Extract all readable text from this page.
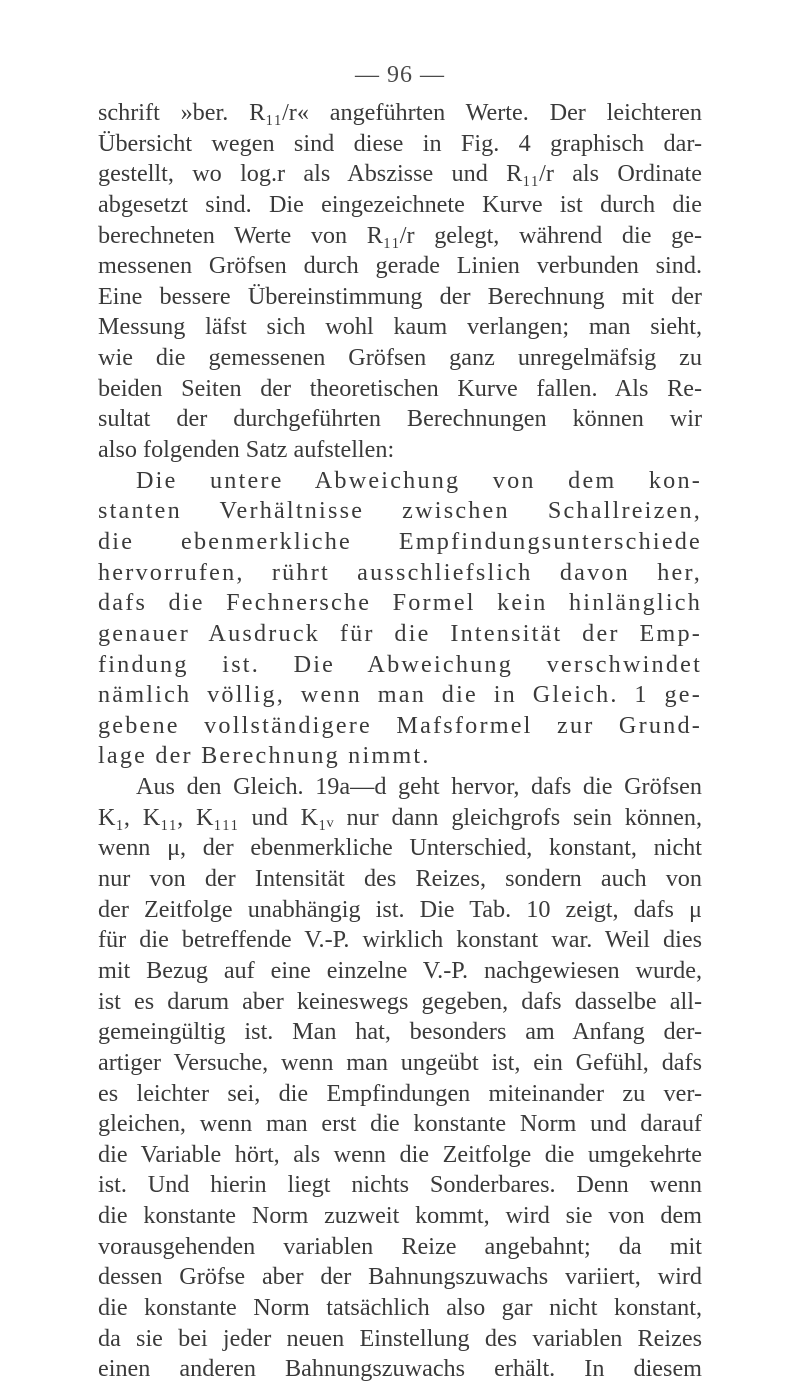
— 96 —
schrift »ber. R₁₁/r« angeführten Werte. Der leichteren
Übersicht wegen sind diese in Fig. 4 graphisch dar-
gestellt, wo log.r als Abszisse und R₁₁/r als Ordinate
abgesetzt sind. Die eingezeichnete Kurve ist durch die
berechneten Werte von R₁₁/r gelegt, während die ge-
messenen Gröfsen durch gerade Linien verbunden sind.
Eine bessere Übereinstimmung der Berechnung mit der
Messung läfst sich wohl kaum verlangen; man sieht,
wie die gemessenen Gröfsen ganz unregelmäfsig zu
beiden Seiten der theoretischen Kurve fallen. Als Re-
sultat der durchgeführten Berechnungen können wir
also folgenden Satz aufstellen:
Die untere Abweichung von dem kon-
stanten Verhältnisse zwischen Schallreizen,
die ebenmerkliche Empfindungsunterschiede
hervorrufen, rührt ausschliefslich davon her,
dafs die Fechnersche Formel kein hinlänglich
genauer Ausdruck für die Intensität der Emp-
findung ist. Die Abweichung verschwindet
nämlich völlig, wenn man die in Gleich. 1 ge-
gebene vollständigere Mafsformel zur Grund-
lage der Berechnung nimmt.
Aus den Gleich. 19a—d geht hervor, dafs die Gröfsen
K₁, K₁₁, K₁₁₁ und K₁ᵥ nur dann gleichgrofs sein können,
wenn μ, der ebenmerkliche Unterschied, konstant, nicht
nur von der Intensität des Reizes, sondern auch von
der Zeitfolge unabhängig ist. Die Tab. 10 zeigt, dafs μ
für die betreffende V.-P. wirklich konstant war. Weil dies
mit Bezug auf eine einzelne V.-P. nachgewiesen wurde,
ist es darum aber keineswegs gegeben, dafs dasselbe all-
gemeingültig ist. Man hat, besonders am Anfang der-
artiger Versuche, wenn man ungeübt ist, ein Gefühl, dafs
es leichter sei, die Empfindungen miteinander zu ver-
gleichen, wenn man erst die konstante Norm und darauf
die Variable hört, als wenn die Zeitfolge die umgekehrte
ist. Und hierin liegt nichts Sonderbares. Denn wenn
die konstante Norm zuzweit kommt, wird sie von dem
vorausgehenden variablen Reize angebahnt; da mit
dessen Gröfse aber der Bahnungszuwachs variiert, wird
die konstante Norm tatsächlich also gar nicht konstant,
da sie bei jeder neuen Einstellung des variablen Reizes
einen anderen Bahnungszuwachs erhält. In diesem
